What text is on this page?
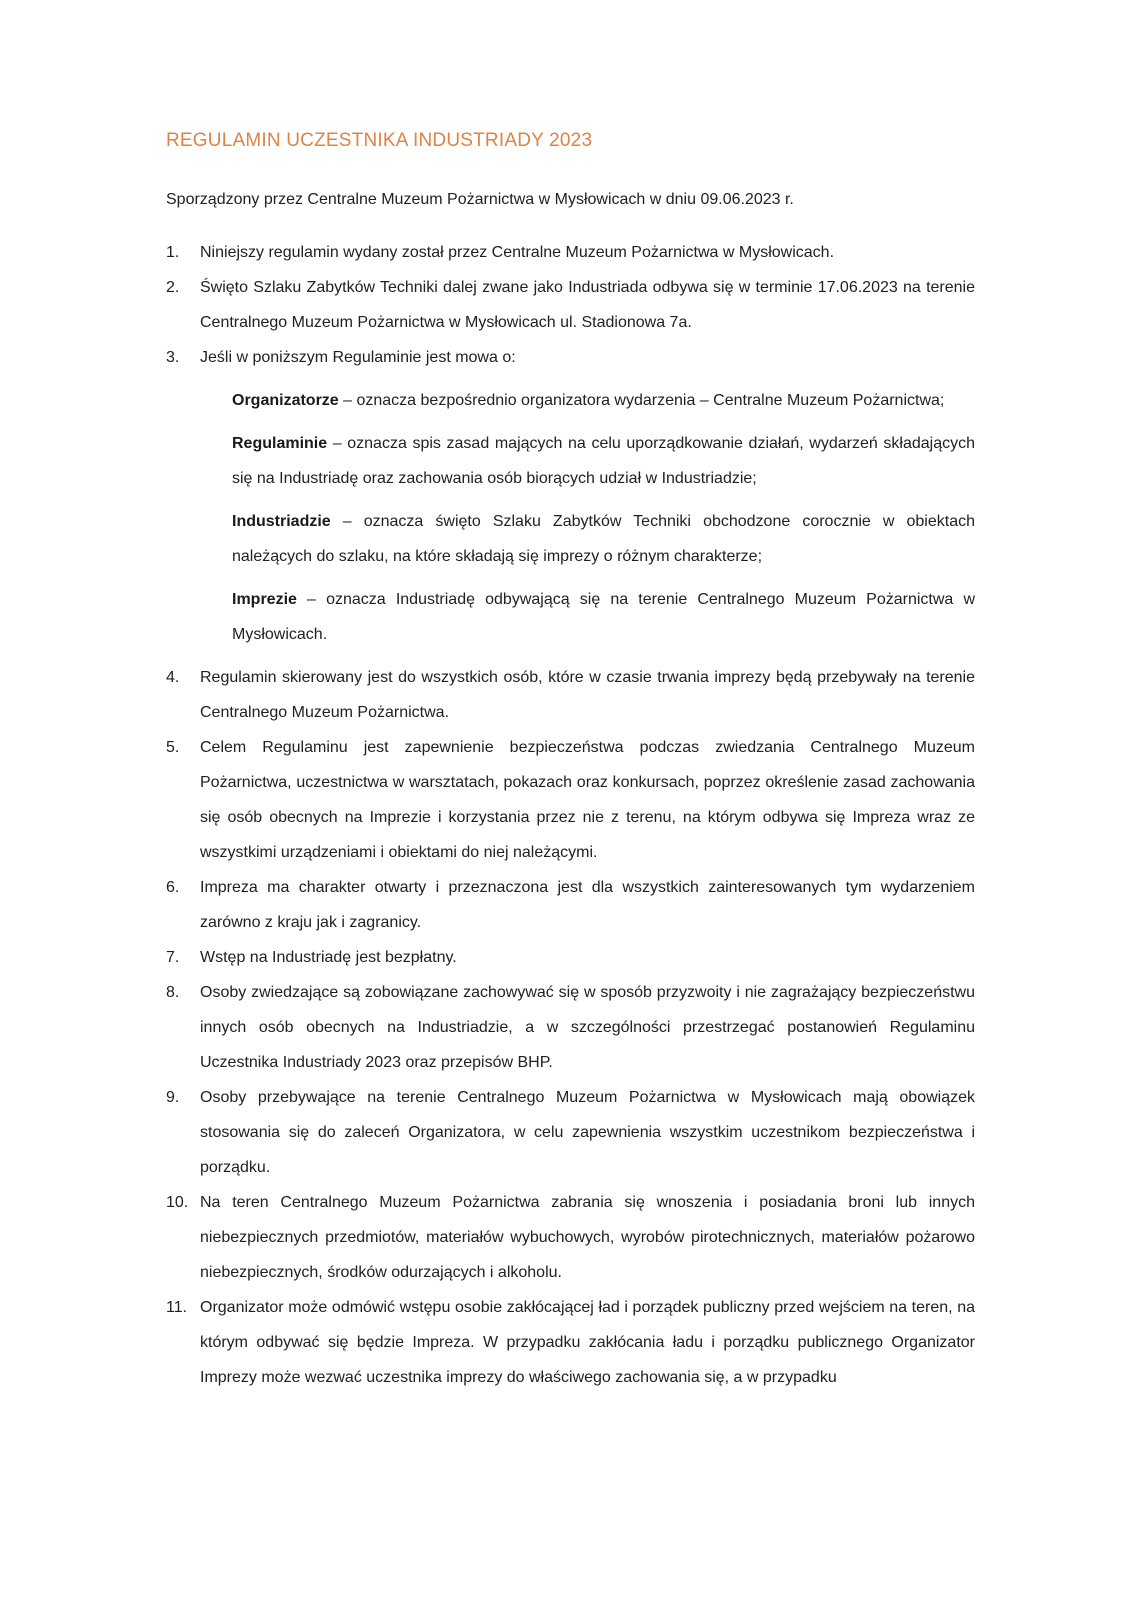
REGULAMIN UCZESTNIKA INDUSTRIADY 2023

Sporządzony przez Centralne Muzeum Pożarnictwa w Mysłowicach w dniu 09.06.2023 r.

1. Niniejszy regulamin wydany został przez Centralne Muzeum Pożarnictwa w Mysłowicach.
2. Święto Szlaku Zabytków Techniki dalej zwane jako Industriada odbywa się w terminie 17.06.2023 na terenie Centralnego Muzeum Pożarnictwa w Mysłowicach ul. Stadionowa 7a.
3. Jeśli w poniższym Regulaminie jest mowa o:

Organizatorze – oznacza bezpośrednio organizatora wydarzenia – Centralne Muzeum Pożarnictwa;

Regulaminie – oznacza spis zasad mających na celu uporządkowanie działań, wydarzeń składających się na Industriadę oraz zachowania osób biorących udział w Industriadzie;

Industriadzie – oznacza święto Szlaku Zabytków Techniki obchodzone corocznie w obiektach należących do szlaku, na które składają się imprezy o różnym charakterze;

Imprezie – oznacza Industriadę odbywającą się na terenie Centralnego Muzeum Pożarnictwa w Mysłowicach.

4. Regulamin skierowany jest do wszystkich osób, które w czasie trwania imprezy będą przebywały na terenie Centralnego Muzeum Pożarnictwa.
5. Celem Regulaminu jest zapewnienie bezpieczeństwa podczas zwiedzania Centralnego Muzeum Pożarnictwa, uczestnictwa w warsztatach, pokazach oraz konkursach, poprzez określenie zasad zachowania się osób obecnych na Imprezie i korzystania przez nie z terenu, na którym odbywa się Impreza wraz ze wszystkimi urządzeniami i obiektami do niej należącymi.
6. Impreza ma charakter otwarty i przeznaczona jest dla wszystkich zainteresowanych tym wydarzeniem zarówno z kraju jak i zagranicy.
7. Wstęp na Industriadę jest bezpłatny.
8. Osoby zwiedzające są zobowiązane zachowywać się w sposób przyzwoity i nie zagrażający bezpieczeństwu innych osób obecnych na Industriadzie, a w szczególności przestrzegać postanowień Regulaminu Uczestnika Industriady 2023 oraz przepisów BHP.
9. Osoby przebywające na terenie Centralnego Muzeum Pożarnictwa w Mysłowicach mają obowiązek stosowania się do zaleceń Organizatora, w celu zapewnienia wszystkim uczestnikom bezpieczeństwa i porządku.
10. Na teren Centralnego Muzeum Pożarnictwa zabrania się wnoszenia i posiadania broni lub innych niebezpiecznych przedmiotów, materiałów wybuchowych, wyrobów pirotechnicznych, materiałów pożarowo niebezpiecznych, środków odurzających i alkoholu.
11. Organizator może odmówić wstępu osobie zakłócającej ład i porządek publiczny przed wejściem na teren, na którym odbywać się będzie Impreza. W przypadku zakłócania ładu i porządku publicznego Organizator Imprezy może wezwać uczestnika imprezy do właściwego zachowania się, a w przypadku
